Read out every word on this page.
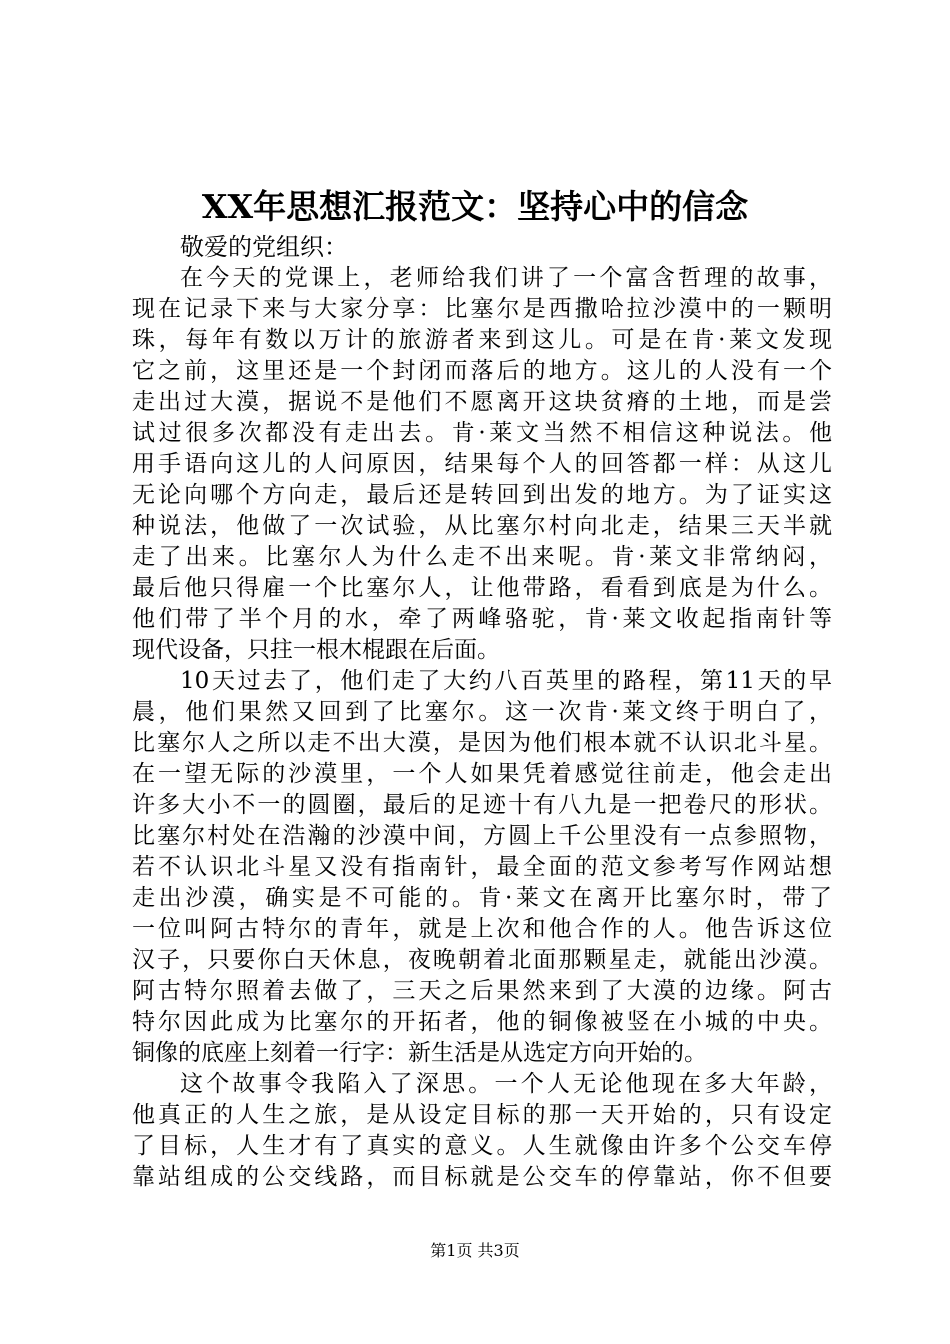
XX年思想汇报范文：坚持心中的信念
敬爱的党组织：
在今天的党课上，老师给我们讲了一个富含哲理的故事，
现在记录下来与大家分享：比塞尔是西撒哈拉沙漠中的一颗明
珠，每年有数以万计的旅游者来到这儿。可是在肯·莱文发现
它之前，这里还是一个封闭而落后的地方。这儿的人没有一个
走出过大漠，据说不是他们不愿离开这块贫瘠的土地，而是尝
试过很多次都没有走出去。肯·莱文当然不相信这种说法。他
用手语向这儿的人问原因，结果每个人的回答都一样：从这儿
无论向哪个方向走，最后还是转回到出发的地方。为了证实这
种说法，他做了一次试验，从比塞尔村向北走，结果三天半就
走了出来。比塞尔人为什么走不出来呢。肯·莱文非常纳闷，
最后他只得雇一个比塞尔人，让他带路，看看到底是为什么。
他们带了半个月的水，牵了两峰骆驼，肯·莱文收起指南针等
现代设备，只拄一根木棍跟在后面。
10天过去了，他们走了大约八百英里的路程，第11天的早
晨，他们果然又回到了比塞尔。这一次肯·莱文终于明白了，
比塞尔人之所以走不出大漠，是因为他们根本就不认识北斗星。
在一望无际的沙漠里，一个人如果凭着感觉往前走，他会走出
许多大小不一的圆圈，最后的足迹十有八九是一把卷尺的形状。
比塞尔村处在浩瀚的沙漠中间，方圆上千公里没有一点参照物，
若不认识北斗星又没有指南针，最全面的范文参考写作网站想
走出沙漠，确实是不可能的。肯·莱文在离开比塞尔时，带了
一位叫阿古特尔的青年，就是上次和他合作的人。他告诉这位
汉子，只要你白天休息，夜晚朝着北面那颗星走，就能出沙漠。
阿古特尔照着去做了，三天之后果然来到了大漠的边缘。阿古
特尔因此成为比塞尔的开拓者，他的铜像被竖在小城的中央。
铜像的底座上刻着一行字：新生活是从选定方向开始的。
这个故事令我陷入了深思。一个人无论他现在多大年龄，
他真正的人生之旅，是从设定目标的那一天开始的，只有设定
了目标，人生才有了真实的意义。人生就像由许多个公交车停
靠站组成的公交线路，而目标就是公交车的停靠站，你不但要
第1页 共3页
